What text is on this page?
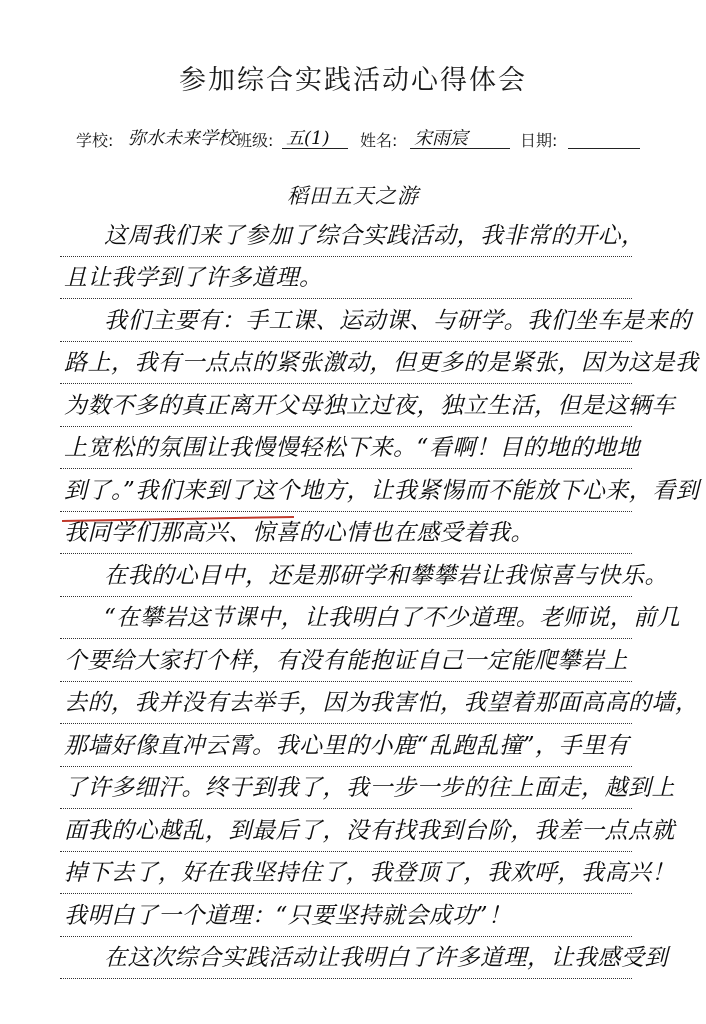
参加综合实践活动心得体会
学校: 弥水未来学校 班级: 五(1) 姓名: 宋雨宸	日期:
稻田五天之游
这周我们来了参加了综合实践活动，我非常的开心，
且让我学到了许多道理。
我们主要有：手工课、运动课、与研学。我们坐车是来的
路上，我有一点点的紧张激动，但更多的是紧张，因为这是我
为数不多的真正离开父母独立过夜，独立生活，但是这辆车
上宽松的氛围让我慢慢轻松下来。“看啊！目的地的地地
到了。”我们来到了这个地方，让我紧惕而不能放下心来，看到
我同学们那高兴、惊喜的心情也在感受着我。
在我的心目中，还是那研学和攀攀岩让我惊喜与快乐。
“在攀岩这节课中，让我明白了不少道理。老师说，前几
个要给大家打个样，有没有能抱证自己一定能爬攀岩上
去的，我并没有去举手，因为我害怕，我望着那面高高的墙，
那墙好像直冲云霄。我心里的小鹿“乱跑乱撞”，手里有
了许多细汗。终于到我了，我一步一步的往上面走，越到上
面我的心越乱，到最后了，没有找我到台阶，我差一点点就
掉下去了，好在我坚持住了，我登顶了，我欢呼，我高兴！
我明白了一个道理：“只要坚持就会成功”！
在这次综合实践活动让我明白了许多道理，让我感受到
